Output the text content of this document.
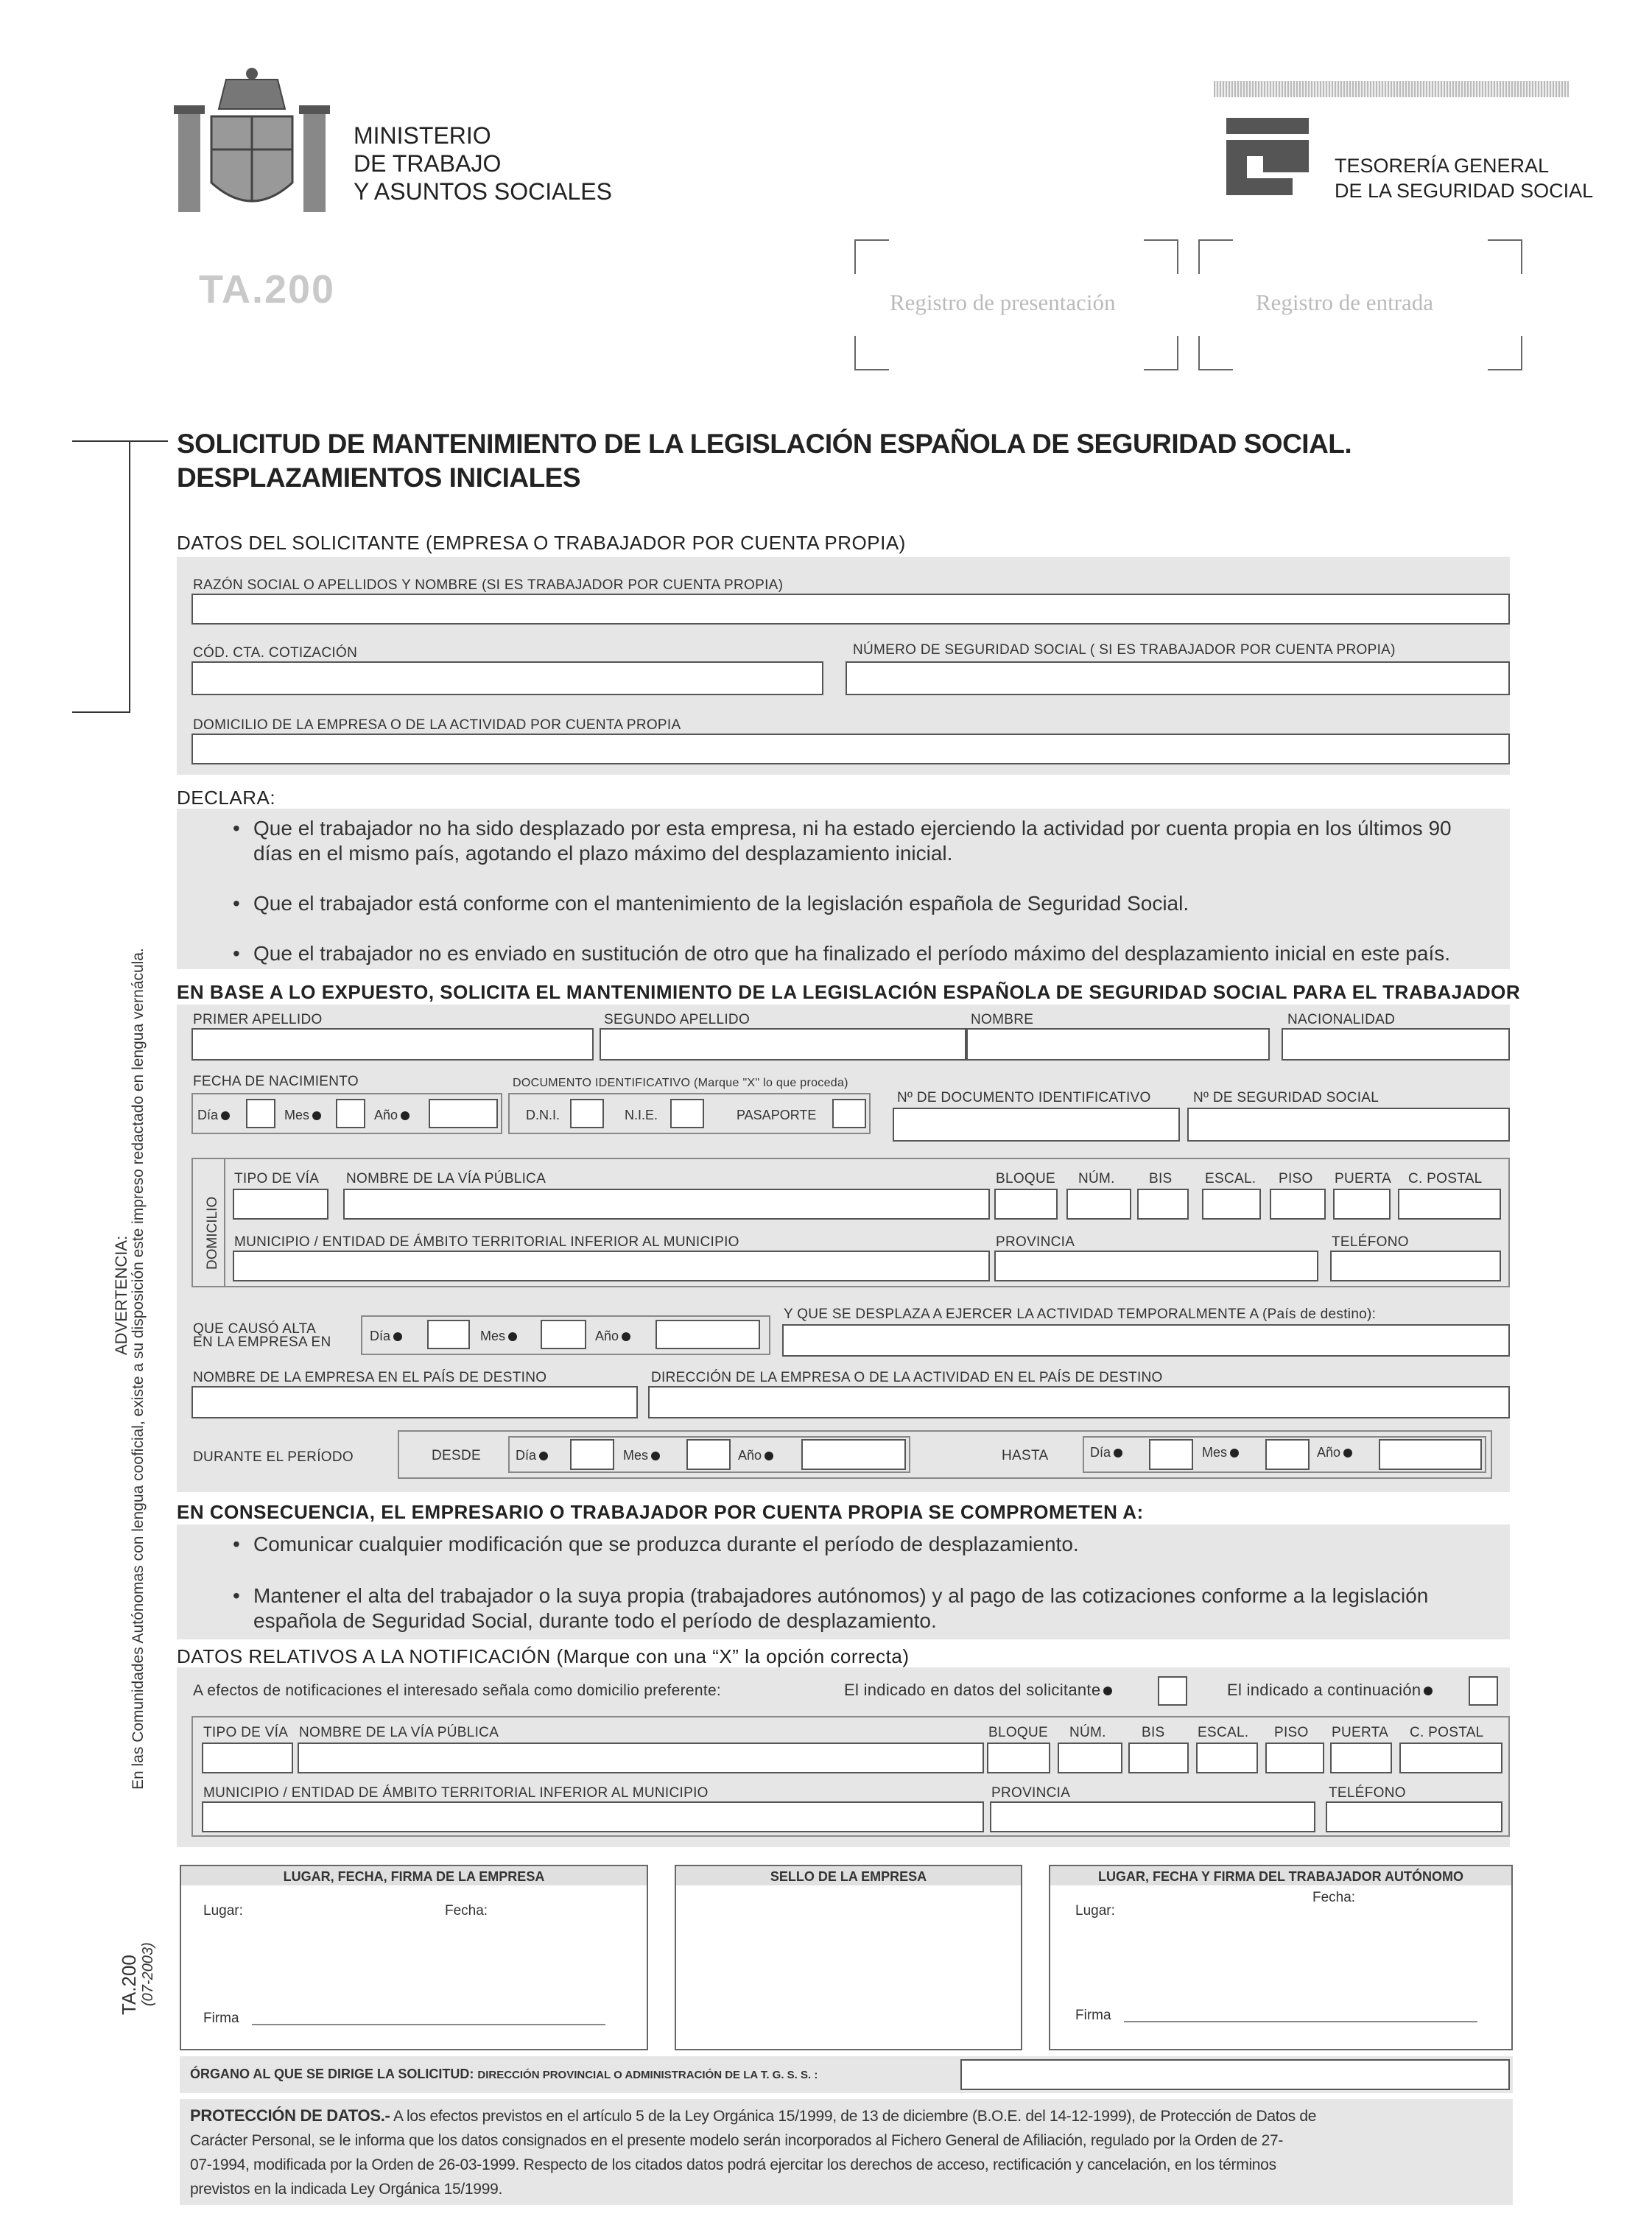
MINISTERIO
DE TRABAJO
Y ASUNTOS SOCIALES
TESORERÍA GENERAL
DE LA SEGURIDAD SOCIAL
TA.200	Registro de presentación	Registro de entrada
SOLICITUD DE MANTENIMIENTO DE LA LEGISLACIÓN ESPAÑOLA DE SEGURIDAD SOCIAL.
DESPLAZAMIENTOS INICIALES
DATOS DEL SOLICITANTE (EMPRESA O TRABAJADOR POR CUENTA PROPIA)
RAZÓN SOCIAL O APELLIDOS Y NOMBRE (SI ES TRABAJADOR POR CUENTA PROPIA)
CÓD. CTA. COTIZACIÓN	NÚMERO DE SEGURIDAD SOCIAL ( SI ES TRABAJADOR POR CUENTA PROPIA)
DOMICILIO DE LA EMPRESA O DE LA ACTIVIDAD POR CUENTA PROPIA
DECLARA:
• Que el trabajador no ha sido desplazado por esta empresa, ni ha estado ejerciendo la actividad por cuenta propia en los últimos 90
días en el mismo país, agotando el plazo máximo del desplazamiento inicial.
• Que el trabajador está conforme con el mantenimiento de la legislación española de Seguridad Social.
• Que el trabajador no es enviado en sustitución de otro que ha finalizado el período máximo del desplazamiento inicial en este país.
EN BASE A LO EXPUESTO, SOLICITA EL MANTENIMIENTO DE LA LEGISLACIÓN ESPAÑOLA DE SEGURIDAD SOCIAL PARA EL TRABAJADOR
PRIMER APELLIDO	SEGUNDO APELLIDO	NOMBRE	NACIONALIDAD
FECHA DE NACIMIENTO
Día	Mes	Año
DOCUMENTO IDENTIFICATIVO (Marque "X" lo que proceda)
D.N.I.	N.I.E.	PASAPORTE
Nº DE DOCUMENTO IDENTIFICATIVO	Nº DE SEGURIDAD SOCIAL
DOMICILIO
TIPO DE VÍA NOMBRE DE LA VÍA PÚBLICA	BLOQUE NÚM. BIS ESCAL. PISO PUERTA C. POSTAL
MUNICIPIO / ENTIDAD DE ÁMBITO TERRITORIAL INFERIOR AL MUNICIPIO	PROVINCIA	TELÉFONO
QUE CAUSÓ ALTA
EN LA EMPRESA EN	Día	Mes	Año
Y QUE SE DESPLAZA A EJERCER LA ACTIVIDAD TEMPORALMENTE A (País de destino):
NOMBRE DE LA EMPRESA EN EL PAÍS DE DESTINO	DIRECCIÓN DE LA EMPRESA O DE LA ACTIVIDAD EN EL PAÍS DE DESTINO
DURANTE EL PERÍODO	DESDE	Día	Mes	Año	HASTA	Día	Mes	Año
EN CONSECUENCIA, EL EMPRESARIO O TRABAJADOR POR CUENTA PROPIA SE COMPROMETEN A:
• Comunicar cualquier modificación que se produzca durante el período de desplazamiento.
• Mantener el alta del trabajador o la suya propia (trabajadores autónomos) y al pago de las cotizaciones conforme a la legislación
española de Seguridad Social, durante todo el período de desplazamiento.
DATOS RELATIVOS A LA NOTIFICACIÓN (Marque con una “X” la opción correcta)
A efectos de notificaciones el interesado señala como domicilio preferente:	El indicado en datos del solicitante	El indicado a continuación
TIPO DE VÍA NOMBRE DE LA VÍA PÚBLICA	BLOQUE NÚM.	BIS ESCAL. PISO PUERTA C. POSTAL
MUNICIPIO / ENTIDAD DE ÁMBITO TERRITORIAL INFERIOR AL MUNICIPIO	PROVINCIA	TELÉFONO
LUGAR, FECHA, FIRMA DE LA EMPRESA
Lugar:	Fecha:
Firma
SELLO DE LA EMPRESA	LUGAR, FECHA Y FIRMA DEL TRABAJADOR AUTÓNOMO
Fecha:
Lugar:
Firma
ÓRGANO AL QUE SE DIRIGE LA SOLICITUD: DIRECCIÓN PROVINCIAL O ADMINISTRACIÓN DE LA T. G. S. S. :
PROTECCIÓN DE DATOS.- A los efectos previstos en el artículo 5 de la Ley Orgánica 15/1999, de 13 de diciembre (B.O.E. del 14-12-1999), de Protección de Datos de
Carácter Personal, se le informa que los datos consignados en el presente modelo serán incorporados al Fichero General de Afiliación, regulado por la Orden de 27-
07-1994, modificada por la Orden de 26-03-1999. Respecto de los citados datos podrá ejercitar los derechos de acceso, rectificación y cancelación, en los términos
previstos en la indicada Ley Orgánica 15/1999.
ADVERTENCIA: En las Comunidades Autónomas con lengua cooficial, existe a su disposición este impreso redactado en lengua vernácula.
TA.200 (07-2003)
